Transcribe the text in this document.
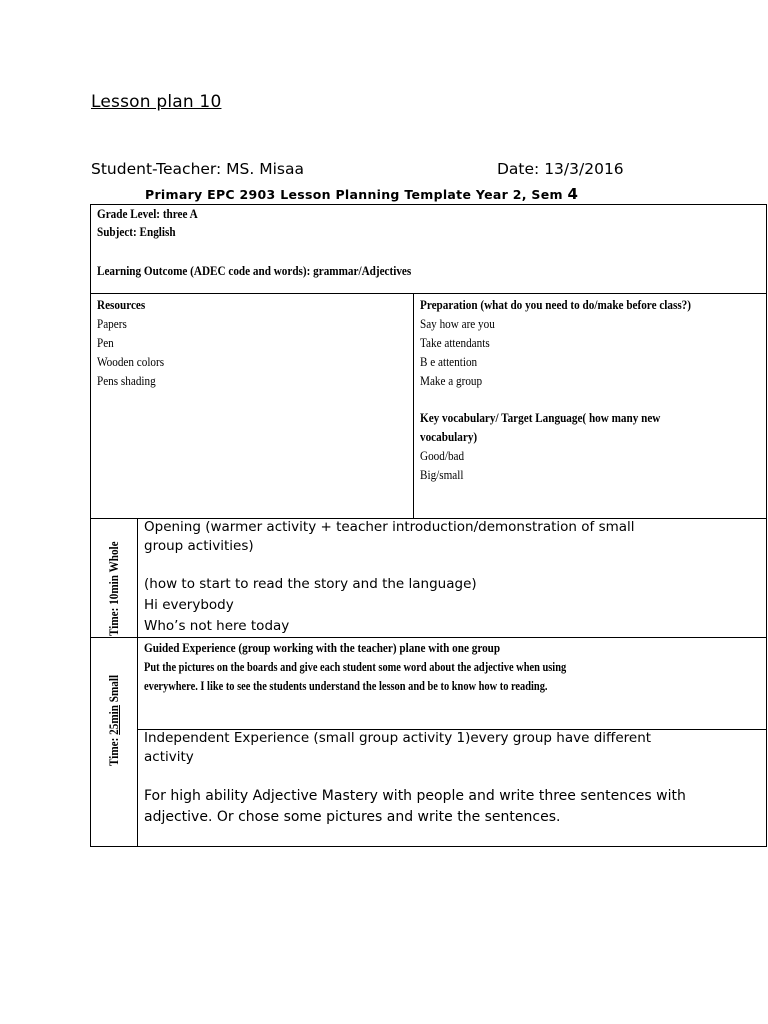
Lesson plan 10
Student-Teacher: MS. Misaa	Date: 13/3/2016
Primary EPC 2903 Lesson Planning Template Year 2, Sem 4
Grade Level: three A
Subject: English
Learning Outcome (ADEC code and words): grammar/Adjectives
Resources
Papers
Pen
Wooden colors
Pens shading
Preparation (what do you need to do/make before class?)
Say how are you
Take attendants
B e attention
Make a group
Key vocabulary/ Target Language( how many new
vocabulary)
Good/bad
Big/small
Time: 10min Whole
Time: 25min Small
Opening (warmer activity + teacher introduction/demonstration of small
group activities)
(how to start to read the story and the language)
Hi everybody
Who’s not here today
Guided Experience (group working with the teacher) plane with one group
Put the pictures on the boards and give each student some word about the adjective when using
everywhere. I like to see the students understand the lesson and be to know how to reading.
Independent Experience (small group activity 1)every group have different
activity
For high ability Adjective Mastery with people and write three sentences with
adjective. Or chose some pictures and write the sentences.
